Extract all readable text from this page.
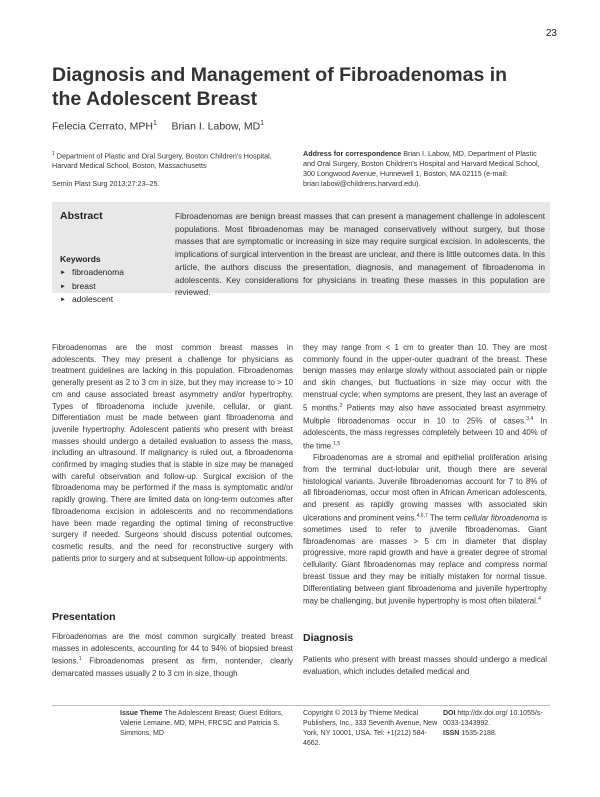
23
Diagnosis and Management of Fibroadenomas in the Adolescent Breast
Felecia Cerrato, MPH$^1$ Brian I. Labow, $MD^1$
$^1$ Department of Plastic and Oral Surgery, Boston Children's Hospital, Harvard Medical School, Boston, Massachusetts
Semin Plast Surg 2013;27:23–25.
Address for correspondence Brian I. Labow, MD, Department of Plastic and Oral Surgery, Boston Children's Hospital and Harvard Medical School, 300 Longwood Avenue, Hunnewell 1, Boston, MA 02115 (e-mail: brian.labow@childrens.harvard.edu).
Abstract
Keywords
► fibroadenoma
► breast
► adolescent
Fibroadenomas are benign breast masses that can present a management challenge in adolescent populations. Most fibroadenomas may be managed conservatively without surgery, but those masses that are symptomatic or increasing in size may require surgical excision. In adolescents, the implications of surgical intervention in the breast are unclear, and there is little outcomes data. In this article, the authors discuss the presentation, diagnosis, and management of fibroadenoma in adolescents. Key considerations for physicians in treating these masses in this population are reviewed.

Fibroadenomas are the most common breast masses in adolescents. They may present a challenge for physicians as treatment guidelines are lacking in this population. Fibroadenomas generally present as 2 to 3 cm in size, but they may increase to > 10 cm and cause associated breast asymmetry and/or hypertrophy. Types of fibroadenoma include juvenile, cellular, or giant. Differentiation must be made between giant fibroadenoma and juvenile hypertrophy. Adolescent patients who present with breast masses should undergo a detailed evaluation to assess the mass, including an ultrasound. If malignancy is ruled out, a fibroadenoma confirmed by imaging studies that is stable in size may be managed with careful observation and follow-up. Surgical excision of the fibroadenoma may be performed if the mass is symptomatic and/or rapidly growing. There are limited data on long-term outcomes after fibroadenoma excision in adolescents and no recommendations have been made regarding the optimal timing of reconstructive surgery if needed. Surgeons should discuss potential outcomes, cosmetic results, and the need for reconstructive surgery with patients prior to surgery and at subsequent follow-up appointments.

Presentation

Fibroadenomas are the most common surgically treated breast masses in adolescents, accounting for 44 to 94% of biopsied breast lesions.$^1$ Fibroadenomas present as firm, nontender, clearly demarcated masses usually 2 to 3 cm in size, though

they may range from < 1 cm to greater than 10. They are most commonly found in the upper-outer quadrant of the breast. These benign masses may enlarge slowly without associated pain or nipple and skin changes, but fluctuations in size may occur with the menstrual cycle; when symptoms are present, they last an average of 5 months.$^2$ Patients may also have associated breast asymmetry. Multiple fibroadenomas occur in 10 to 25% of cases.$^{3,4}$ In adolescents, the mass regresses completely between 10 and 40% of the time.$^{1,5}$

Fibroadenomas are a stromal and epithelial proliferation arising from the terminal duct-lobular unit, though there are several histological variants. Juvenile fibroadenomas account for 7 to 8% of all fibroadenomas, occur most often in African American adolescents, and present as rapidly growing masses with associated skin ulcerations and prominent veins.$^{4,6,7}$ The term cellular fibroadenoma is sometimes used to refer to juvenile fibroadenomas. Giant fibroadenomas are masses > 5 cm in diameter that display progressive, more rapid growth and have a greater degree of stromal cellularity. Giant fibroadenomas may replace and compress normal breast tissue and they may be initially mistaken for normal tissue. Differentiating between giant fibroadenoma and juvenile hypertrophy may be challenging, but juvenile hypertrophy is most often bilateral.$^4$

Diagnosis
Patients who present with breast masses should undergo a medical evaluation, which includes detailed medical and
Issue Theme The Adolescent Breast; Guest Editors, Valerie Lemaine, MD, MPH, FRCSC and Patricia S. Simmons, MD
Copyright © 2013 by Thieme Medical Publishers, Inc., 333 Seventh Avenue, New York, NY 10001, USA. Tel: +1(212) 584-4662.
DOI http://dx.doi.org/ 10.1055/s-0033-1343992.
ISSN 1535-2188.
